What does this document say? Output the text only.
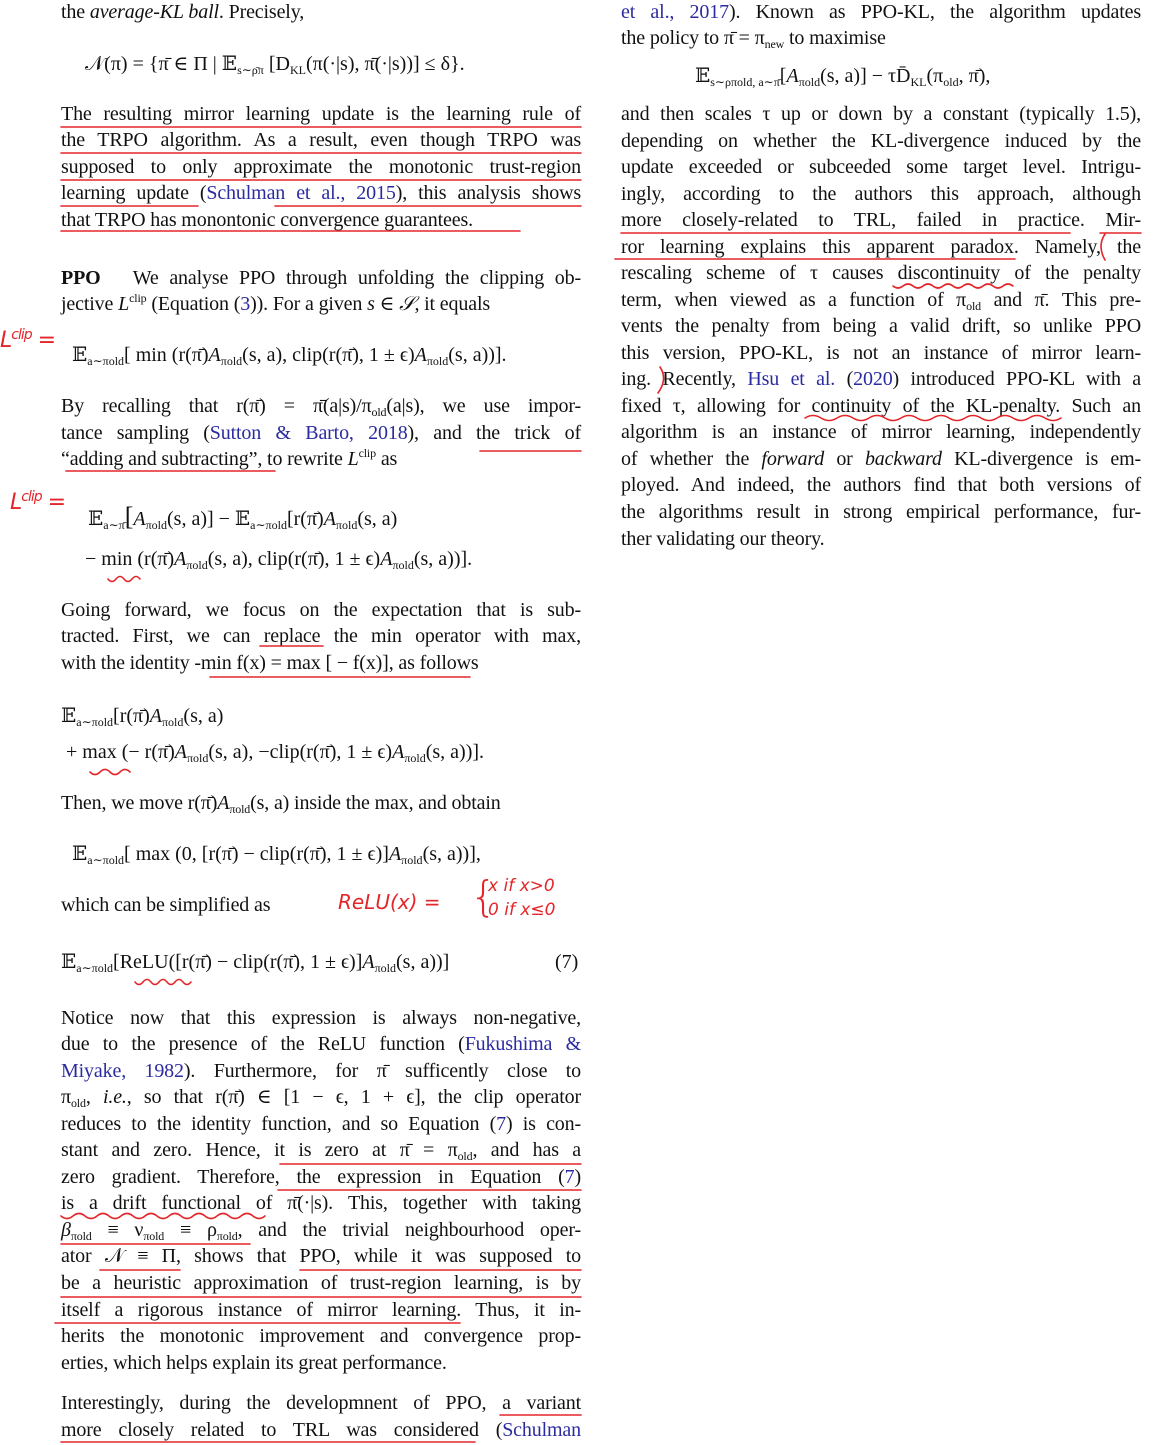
the average-KL ball. Precisely,
𝒩(π) = {π̄ ∈ Π | 𝔼$_{s\sim\rhō\pi}$ [$D_{KL}(\pi(\cdot|s)$, π̄(·|s))] ≤ δ}.
The resulting mirror learning update is the learning rule of
the TRPO algorithm. As a result, even though TRPO was
supposed to only approximate the monotonic trust-region
learning update (Schulman et al., 2015), this analysis shows
that TRPO has monontonic convergence guarantees.
PPO We analyse PPO through unfolding the clipping ob-
jective $L^{clip}$ (Equation (3)). For a given s ∈ 𝒮, it equals
𝔼$_{a\sim\pi old}$[ $\min (r(\pī)A_{\pi old}(s$, a), clip(r(π̄), $1 \pm \epsilon)A_{\pi old}(s$, a))].
By recalling that r(π̄) = $\pī(a|s)/\pi_{old}(a|s)$, we use impor-
tance sampling (Sutton & Barto, 2018), and the trick of
“adding and subtracting”, to rewrite $L^{clip}$ as
$𝔼_{a\sim\pī}[A_{\pi old}(s$, $a)] - 𝔼_{a\sim\pi old}[r(\pī)A_{\pi old}(s$, a)
− $\min (r(\pī)A_{\pi old}(s$, a), clip(r(π̄), $1 \pm \epsilon)A_{\pi old}(s$, a))].
Going forward, we focus on the expectation that is sub-
tracted. First, we can replace the min operator with max,
with the identity -min f(x) = max [ − f(x)], as follows
$𝔼_{a\sim\pi old}[r(\pī)A_{\pi old}(s$, a)
+ max (− $r(\pī)A_{\pi old}(s$, a), −clip(r(π̄), $1 \pm \epsilon)A_{\pi old}(s$, a))].
Then, we move $r(\pī)A_{\pi old}(s$, a) inside the max, and obtain
𝔼$_{a\sim\pi old}$[ max (0, [r(π̄) − clip(r(π̄), $1 \pm \epsilon)]A_{\pi old}(s$, a))],
which can be simplified as
𝔼$_{a\sim\pi old}$[ReLU([r(π̄) − clip(r(π̄), $1 \pm \epsilon)]A_{\pi old}(s$, a))]	(7)
Notice now that this expression is always non-negative,
due to the presence of the ReLU function (Fukushima &
Miyake, 1982). Furthermore, for π̄ sufficently close to
$\pi_{old}$, i.e., so that r(π̄) ∈ [1 − ϵ, 1 + ϵ], the clip operator
reduces to the identity function, and so Equation (7) is con-
stant and zero. Hence, it is zero at π̄ = $\pi_{old}$, and has a
zero gradient. Therefore, the expression in Equation (7)
is a drift functional of π̄(·|s). This, together with taking
$\beta_{\pi old} \equiv \nu_{\pi old} \equiv \rho_{\pi old}$, and the trivial neighbourhood oper-
ator 𝒩 ≡ Π, shows that PPO, while it was supposed to
be a heuristic approximation of trust-region learning, is by
itself a rigorous instance of mirror learning. Thus, it in-
herits the monotonic improvement and convergence prop-
erties, which helps explain its great performance.
Interestingly, during the developmnent of PPO, a variant
more closely related to TRL was considered (Schulman
et al., 2017). Known as PPO-KL, the algorithm updates
the policy to π̄ = $\pi_{new}$ to maximise
$𝔼_{s\sim\rho\pi old, a\sim\pī}[A_{\pi old}(s$, $a)] - \tau D̄_{KL}(\pi_{old}$, π̄),
and then scales τ up or down by a constant (typically 1.5),
depending on whether the KL-divergence induced by the
update exceeded or subceeded some target level. Intrigu-
ingly, according to the authors this approach, although
more closely-related to TRL, failed in practice. Mir-
ror learning explains this apparent paradox. Namely, the
rescaling scheme of τ causes discontinuity of the penalty
term, when viewed as a function of $\pi_{old}$ and π̄. This pre-
vents the penalty from being a valid drift, so unlike PPO
this version, PPO-KL, is not an instance of mirror learn-
ing. Recently, Hsu et al. (2020) introduced PPO-KL with a
fixed τ, allowing for continuity of the KL-penalty. Such an
algorithm is an instance of mirror learning, independently
of whether the forward or backward KL-divergence is em-
ployed. And indeed, the authors find that both versions of
the algorithms result in strong empirical performance, fur-
ther validating our theory.
$L^{clip}$ =
$L^{clip}$ =
ReLU(x) = {
x if x>0
0 if x≤0
